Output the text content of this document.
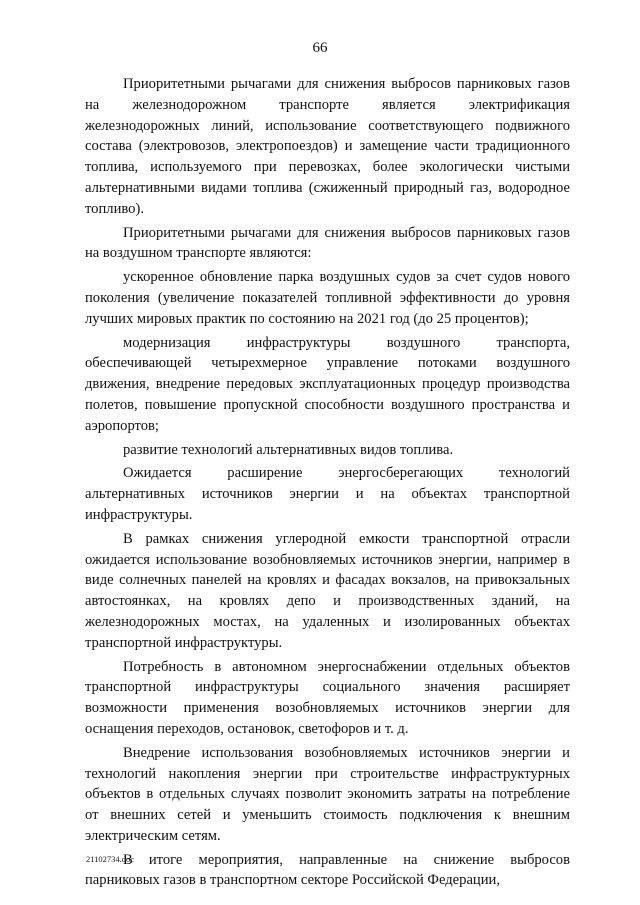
66

Приоритетными рычагами для снижения выбросов парниковых газов на железнодорожном транспорте является электрификация железнодорожных линий, использование соответствующего подвижного состава (электровозов, электропоездов) и замещение части традиционного топлива, используемого при перевозках, более экологически чистыми альтернативными видами топлива (сжиженный природный газ, водородное топливо).

Приоритетными рычагами для снижения выбросов парниковых газов на воздушном транспорте являются:

ускоренное обновление парка воздушных судов за счет судов нового поколения (увеличение показателей топливной эффективности до уровня лучших мировых практик по состоянию на 2021 год (до 25 процентов);

модернизация инфраструктуры воздушного транспорта, обеспечивающей четырехмерное управление потоками воздушного движения, внедрение передовых эксплуатационных процедур производства полетов, повышение пропускной способности воздушного пространства и аэропортов;

развитие технологий альтернативных видов топлива.

Ожидается расширение энергосберегающих технологий альтернативных источников энергии и на объектах транспортной инфраструктуры.

В рамках снижения углеродной емкости транспортной отрасли ожидается использование возобновляемых источников энергии, например в виде солнечных панелей на кровлях и фасадах вокзалов, на привокзальных автостоянках, на кровлях депо и производственных зданий, на железнодорожных мостах, на удаленных и изолированных объектах транспортной инфраструктуры.

Потребность в автономном энергоснабжении отдельных объектов транспортной инфраструктуры социального значения расширяет возможности применения возобновляемых источников энергии для оснащения переходов, остановок, светофоров и т. д.

Внедрение использования возобновляемых источников энергии и технологий накопления энергии при строительстве инфраструктурных объектов в отдельных случаях позволит экономить затраты на потребление от внешних сетей и уменьшить стоимость подключения к внешним электрическим сетям.

В итоге мероприятия, направленные на снижение выбросов парниковых газов в транспортном секторе Российской Федерации,

21102734.doc
